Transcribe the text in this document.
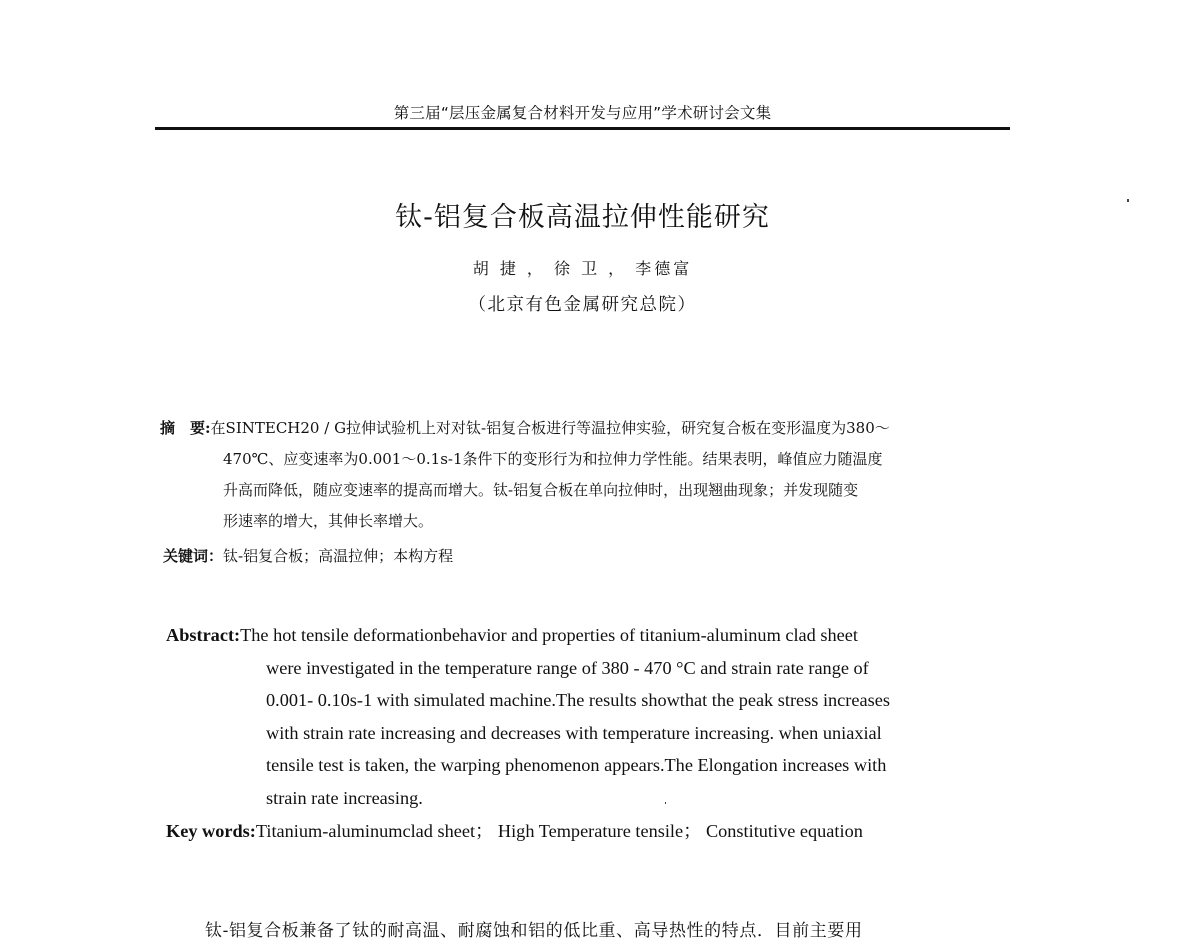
第三届“层压金属复合材料开发与应用”学术研讨会文集
钛-铝复合板高温拉伸性能研究
胡 捷 ， 徐 卫 ， 李德富
（北京有色金属研究总院）
摘　要:在SINTECH20 / G拉伸试验机上对对钛-铝复合板进行等温拉伸实验，研究复合板在变形温度为380～
470℃、应变速率为0.001～0.1s-1条件下的变形行为和拉伸力学性能。结果表明，峰值应力随温度
升高而降低，随应变速率的提高而增大。钛-铝复合板在单向拉伸时，出现翘曲现象；并发现随变
形速率的增大，其伸长率增大。
关键词：钛-铝复合板；高温拉伸；本构方程
Abstract:The hot tensile deformationbehavior and properties of titanium-aluminum clad sheet
were investigated in the temperature range of 380 - 470 °C and strain rate range of
0.001- 0.10s-1 with simulated machine.The results showthat the peak stress increases
with strain rate increasing and decreases with temperature increasing. when uniaxial
tensile test is taken, the warping phenomenon appears.The Elongation increases with
strain rate increasing.
Key words:Titanium-aluminumclad sheet； High Temperature tensile； Constitutive equation
钛-铝复合板兼备了钛的耐高温、耐腐蚀和铝的低比重、高导热性的特点．目前主要用
